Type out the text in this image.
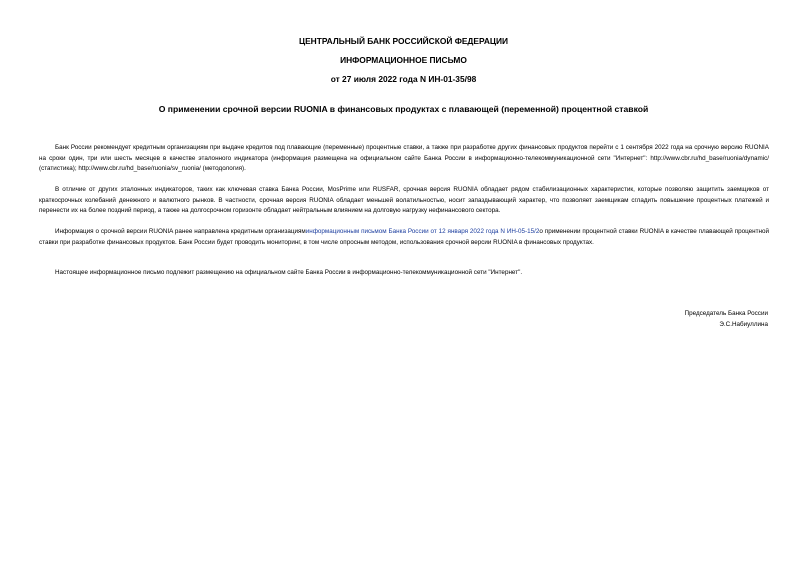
ЦЕНТРАЛЬНЫЙ БАНК РОССИЙСКОЙ ФЕДЕРАЦИИ
ИНФОРМАЦИОННОЕ ПИСЬМО
от 27 июля 2022 года N ИН-01-35/98
О применении срочной версии RUONIA в финансовых продуктах с плавающей (переменной) процентной ставкой

Банк России рекомендует кредитным организациям при выдаче кредитов под плавающие (переменные) процентные ставки, а также при разработке других финансовых продуктов перейти с 1 сентября 2022 года на срочную версию RUONIA на сроки один, три или шесть месяцев в качестве эталонного индикатора (информация размещена на официальном сайте Банка России в информационно-телекоммуникационной сети "Интернет": http://www.cbr.ru/hd_base/ruonia/dynamic/ (статистика); http://www.cbr.ru/hd_base/ruonia/sv_ruonia/ (методология).

В отличие от других эталонных индикаторов, таких как ключевая ставка Банка России, MosPrime или RUSFAR, срочная версия RUONIA обладает рядом стабилизационных характеристик, которые позволяю защитить заемщиков от краткосрочных колебаний денежного и валютного рынков. В частности, срочная версия RUONIA обладает меньшей волатильностью, носит запаздывающий характер, что позволяет заемщикам сгладить повышение процентных платежей и перенести их на более поздний период, а также на долгосрочном горизонте обладает нейтральным влиянием на долговую нагрузку нефинансового сектора.

Информация о срочной версии RUONIA ранее направлена кредитным организацияминформационным письмом Банка России от 12 января 2022 года N ИН-05-15/2о применении процентной ставки RUONIA в качестве плавающей процентной ставки при разработке финансовых продуктов. Банк России будет проводить мониторинг, в том числе опросным методом, использования срочной версии RUONIA в финансовых продуктах.

Настоящее информационное письмо подлежит размещению на официальном сайте Банка России в информационно-телекоммуникационной сети "Интернет".

Председатель Банка России
Э.С.Набиуллина
